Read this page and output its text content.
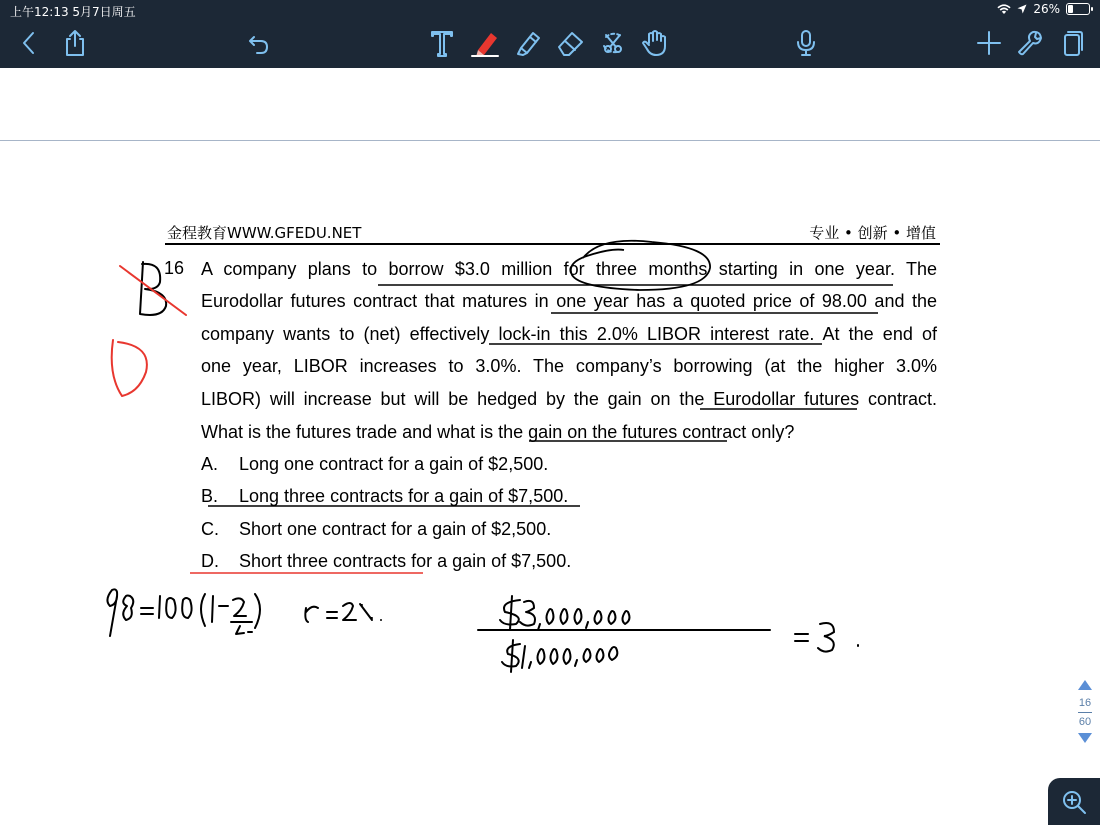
上午12:13 5月7日周五	26%
金程教育WWW.GFEDU.NET	专业 • 创新 • 增值
16 A company plans to borrow $3.0 million for three months starting in one year. The
Eurodollar futures contract that matures in one year has a quoted price of 98.00 and the
company wants to (net) effectively lock-in this 2.0% LIBOR interest rate. At the end of
one year, LIBOR increases to 3.0%. The company’s borrowing (at the higher 3.0%
LIBOR) will increase but will be hedged by the gain on the Eurodollar futures contract.
What is the futures trade and what is the gain on the futures contract only?
A. Long one contract for a gain of $2,500.
B. Long three contracts for a gain of $7,500.
C. Short one contract for a gain of $2,500.
D. Short three contracts for a gain of $7,500.
16
60
